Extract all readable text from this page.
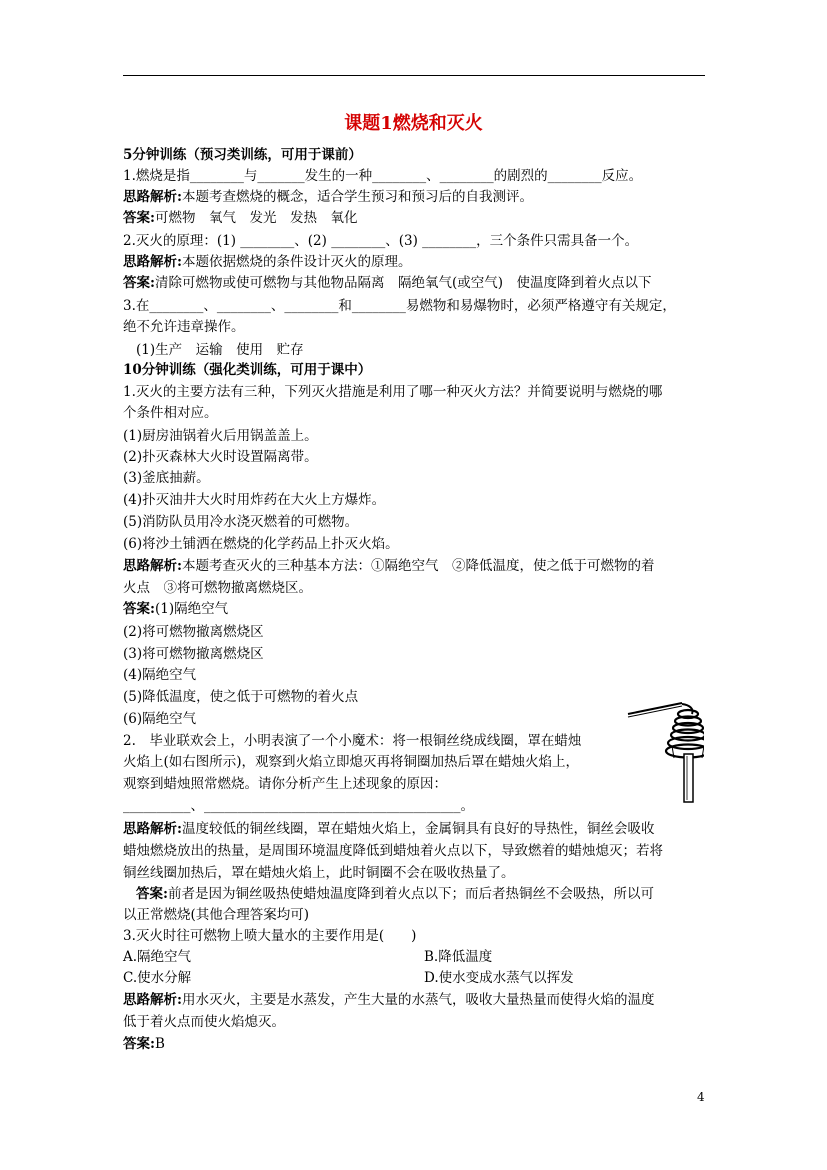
课题1燃烧和灭火
5分钟训练（预习类训练，可用于课前）
1.燃烧是指________与_______发生的一种________、________的剧烈的________反应。
思路解析:本题考查燃烧的概念，适合学生预习和预习后的自我测评。
答案:可燃物　氧气　发光　发热　氧化
2.灭火的原理：(1) ________、(2) ________、(3) ________，三个条件只需具备一个。
思路解析:本题依据燃烧的条件设计灭火的原理。
答案:清除可燃物或使可燃物与其他物品隔离　隔绝氧气(或空气)　使温度降到着火点以下
3.在________、________、________和________易燃物和易爆物时，必须严格遵守有关规定，
绝不允许违章操作。
(1)生产　运输　使用　贮存
10分钟训练（强化类训练，可用于课中）
1.灭火的主要方法有三种，下列灭火措施是利用了哪一种灭火方法？并简要说明与燃烧的哪
个条件相对应。
(1)厨房油锅着火后用锅盖盖上。
(2)扑灭森林大火时设置隔离带。
(3)釜底抽薪。
(4)扑灭油井大火时用炸药在大火上方爆炸。
(5)消防队员用冷水浇灭燃着的可燃物。
(6)将沙土铺洒在燃烧的化学药品上扑灭火焰。
思路解析:本题考查灭火的三种基本方法：①隔绝空气　②降低温度，使之低于可燃物的着
火点　③将可燃物撤离燃烧区。
答案:(1)隔绝空气
(2)将可燃物撤离燃烧区
(3)将可燃物撤离燃烧区
(4)隔绝空气
(5)降低温度，使之低于可燃物的着火点
(6)隔绝空气
2.　毕业联欢会上，小明表演了一个小魔术：将一根铜丝绕成线圈，罩在蜡烛
火焰上(如右图所示)，观察到火焰立即熄灭再将铜圈加热后罩在蜡烛火焰上，
观察到蜡烛照常燃烧。请你分析产生上述现象的原因：
__________、______________________________________。
思路解析:温度较低的铜丝线圈，罩在蜡烛火焰上，金属铜具有良好的导热性，铜丝会吸收
蜡烛燃烧放出的热量，是周围环境温度降低到蜡烛着火点以下，导致燃着的蜡烛熄灭；若将
铜丝线圈加热后，罩在蜡烛火焰上，此时铜圈不会在吸收热量了。
答案:前者是因为铜丝吸热使蜡烛温度降到着火点以下；而后者热铜丝不会吸热，所以可
以正常燃烧(其他合理答案均可)
3.灭火时往可燃物上喷大量水的主要作用是(　　)
A.隔绝空气	B.降低温度
C.使水分解	D.使水变成水蒸气以挥发
思路解析:用水灭火，主要是水蒸发，产生大量的水蒸气，吸收大量热量而使得火焰的温度
低于着火点而使火焰熄灭。
答案:B
4
